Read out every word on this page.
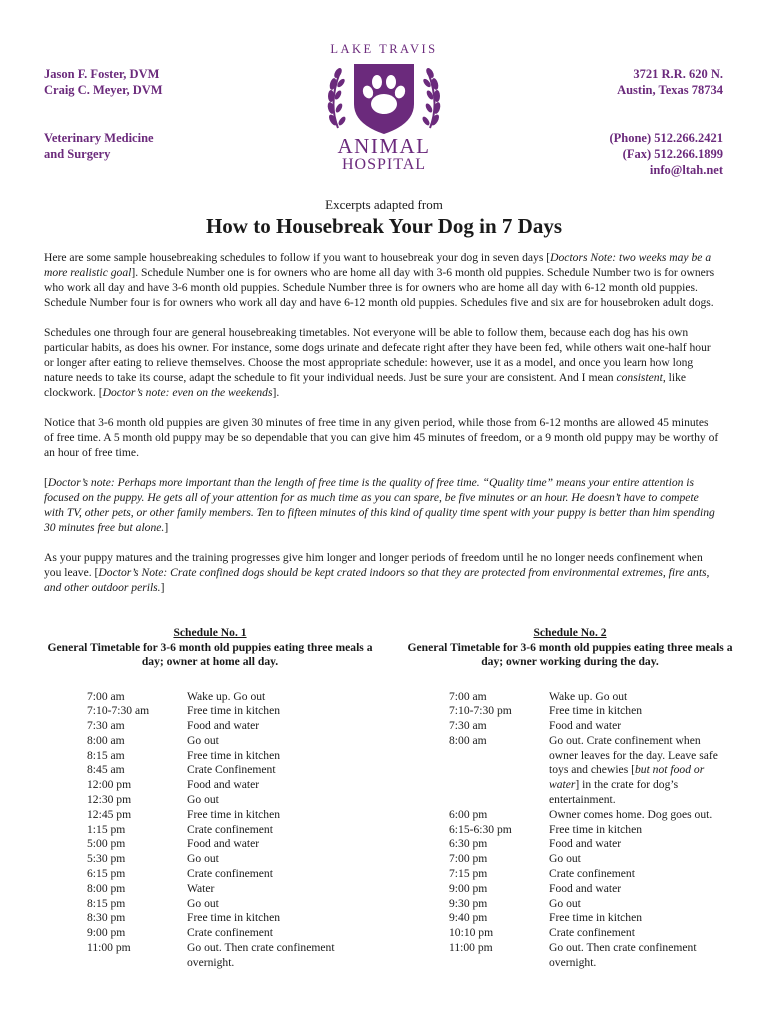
Jason F. Foster, DVM
Craig C. Meyer, DVM
Veterinary Medicine
and Surgery
3721 R.R. 620 N.
Austin, Texas 78734
(Phone) 512.266.2421
(Fax) 512.266.1899
info@ltah.net
LAKE TRAVIS
ANIMAL
HOSPITAL
Excerpts adapted from
How to Housebreak Your Dog in 7 Days

Here are some sample housebreaking schedules to follow if you want to housebreak your dog in seven days [Doctors Note: two weeks may be a more realistic goal]. Schedule Number one is for owners who are home all day with 3-6 month old puppies. Schedule Number two is for owners who work all day and have 3-6 month old puppies. Schedule Number three is for owners who are home all day with 6-12 month old puppies. Schedule Number four is for owners who work all day and have 6-12 month old puppies. Schedules five and six are for housebroken adult dogs.

Schedules one through four are general housebreaking timetables. Not everyone will be able to follow them, because each dog has his own particular habits, as does his owner. For instance, some dogs urinate and defecate right after they have been fed, while others wait one-half hour or longer after eating to relieve themselves. Choose the most appropriate schedule: however, use it as a model, and once you learn how long nature needs to take its course, adapt the schedule to fit your individual needs. Just be sure your are consistent. And I mean consistent, like clockwork. [Doctor’s note: even on the weekends].

Notice that 3-6 month old puppies are given 30 minutes of free time in any given period, while those from 6-12 months are allowed 45 minutes of free time. A 5 month old puppy may be so dependable that you can give him 45 minutes of freedom, or a 9 month old puppy may be worthy of an hour of free time.

[Doctor’s note: Perhaps more important than the length of free time is the quality of free time. “Quality time” means your entire attention is focused on the puppy. He gets all of your attention for as much time as you can spare, be five minutes or an hour. He doesn’t have to compete with TV, other pets, or other family members. Ten to fifteen minutes of this kind of quality time spent with your puppy is better than him spending 30 minutes free but alone.]

As your puppy matures and the training progresses give him longer and longer periods of freedom until he no longer needs confinement when you leave. [Doctor’s Note: Crate confined dogs should be kept crated indoors so that they are protected from environmental extremes, fire ants, and other outdoor perils.]

Schedule No. 1
General Timetable for 3-6 month old puppies eating three meals a day; owner at home all day.
7:00 am	Wake up. Go out
7:10-7:30 am	Free time in kitchen
7:30 am	Food and water
8:00 am	Go out
8:15 am	Free time in kitchen
8:45 am	Crate Confinement
12:00 pm	Food and water
12:30 pm	Go out
12:45 pm	Free time in kitchen
1:15 pm	Crate confinement
5:00 pm	Food and water
5:30 pm	Go out
6:15 pm	Crate confinement
8:00 pm	Water
8:15 pm	Go out
8:30 pm	Free time in kitchen
9:00 pm	Crate confinement
11:00 pm	Go out. Then crate confinement overnight.
Schedule No. 2
General Timetable for 3-6 month old puppies eating three meals a day; owner working during the day.
7:00 am	Wake up. Go out
7:10-7:30 pm	Free time in kitchen
7:30 am	Food and water
8:00 am	Go out. Crate confinement when owner leaves for the day. Leave safe toys and chewies [but not food or water] in the crate for dog’s entertainment.
6:00 pm	Owner comes home. Dog goes out.
6:15-6:30 pm	Free time in kitchen
6:30 pm	Food and water
7:00 pm	Go out
7:15 pm	Crate confinement
9:00 pm	Food and water
9:30 pm	Go out
9:40 pm	Free time in kitchen
10:10 pm	Crate confinement
11:00 pm	Go out. Then crate confinement overnight.
